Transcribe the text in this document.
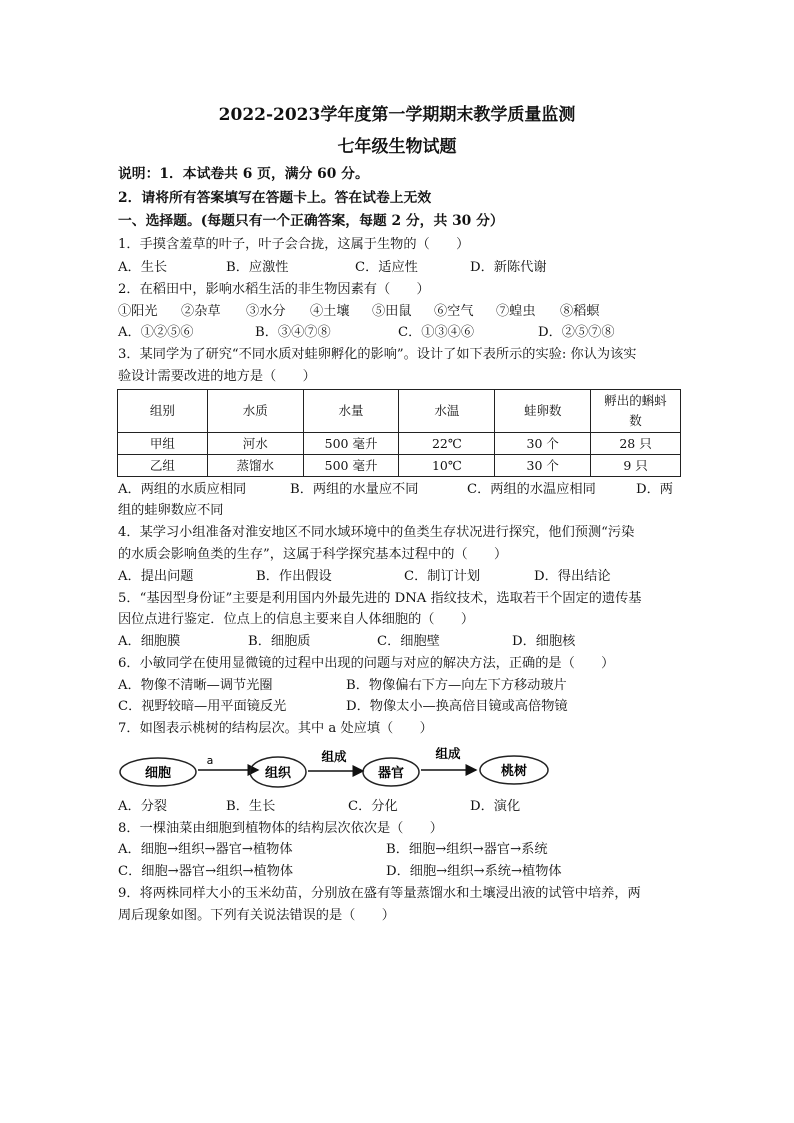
2022-2023学年度第一学期期末教学质量监测
七年级生物试题
说明：1．本试卷共 6 页，满分 60 分。
2．请将所有答案填写在答题卡上。答在试卷上无效
一、选择题。(每题只有一个正确答案，每题 2 分，共 30 分）
1．手摸含羞草的叶子，叶子会合拢，这属于生物的（　　）
A．生长	B．应激性	C．适应性	D．新陈代谢
2．在稻田中，影响水稻生活的非生物因素有（　　）
①阳光 ②杂草 ③水分 ④土壤 ⑤田鼠 ⑥空气 ⑦蝗虫 ⑧稻螟
A．①②⑤⑥	B．③④⑦⑧	C．①③④⑥	D．②⑤⑦⑧
3．某同学为了研究“不同水质对蛙卵孵化的影响”。设计了如下表所示的实验: 你认为该实
验设计需要改进的地方是（　　）
组别	水质	水量	水温	蛙卵数	孵出的蝌蚪
数

甲组	河水	500 毫升	22℃	30 个	28 只
乙组	蒸馏水	500 毫升	10℃	30 个	9 只
A．两组的水质应相同	B．两组的水量应不同	C．两组的水温应相同	D．两
组的蛙卵数应不同
4．某学习小组准备对淮安地区不同水域环境中的鱼类生存状况进行探究，他们预测“污染
的水质会影响鱼类的生存”，这属于科学探究基本过程中的（　　）
A．提出问题	B．作出假设	C．制订计划	D．得出结论
5．“基因型身份证”主要是利用国内外最先进的 DNA 指纹技术，选取若干个固定的遗传基
因位点进行鉴定．位点上的信息主要来自人体细胞的（　　）
A．细胞膜	B．细胞质	C．细胞壁	D．细胞核
6．小敏同学在使用显微镜的过程中出现的问题与对应的解决方法，正确的是（　　）
A．物像不清晰—调节光圈	B．物像偏右下方—向左下方移动玻片
C．视野较暗—用平面镜反光	D．物像太小—换高倍目镜或高倍物镜
7．如图表示桃树的结构层次。其中 a 处应填（　　）
细胞
a
组织
组成
器官
组成
桃树
A．分裂	B．生长	C．分化	D．演化
8．一棵油菜由细胞到植物体的结构层次依次是（　　）
A．细胞→组织→器官→植物体	B．细胞→组织→器官→系统
C．细胞→器官→组织→植物体	D．细胞→组织→系统→植物体
9．将两株同样大小的玉米幼苗，分别放在盛有等量蒸馏水和土壤浸出液的试管中培养，两
周后现象如图。下列有关说法错误的是（　　）
